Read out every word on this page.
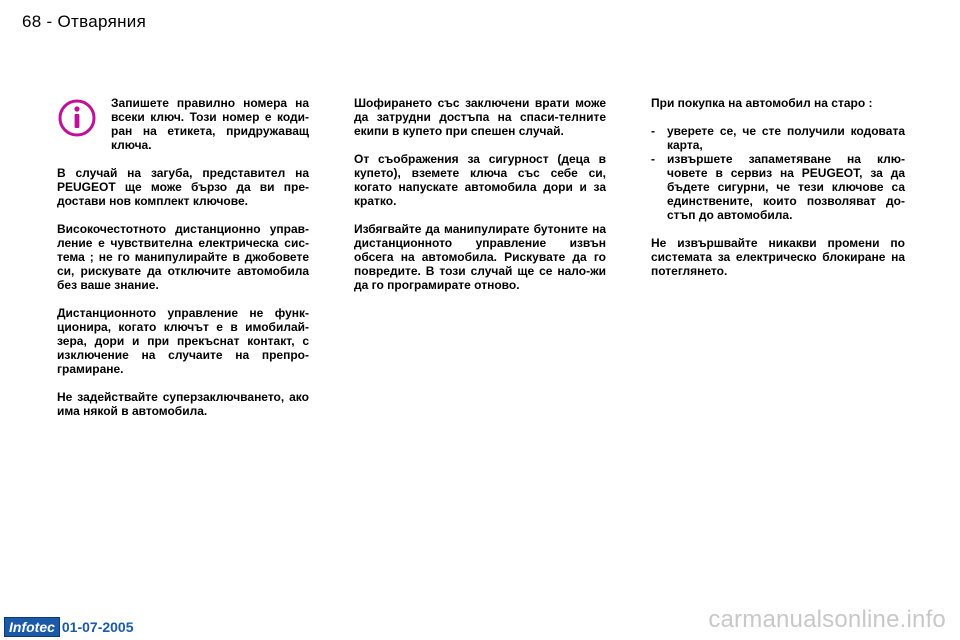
68 - Отваряния

Запишете правилно номера на всеки ключ. Този номер е коди-ран на етикета, придружаващ ключа.

В случай на загуба, представител на PEUGEOT ще може бързо да ви пре-достави нов комплект ключове.

Високочестотното дистанционно управ-ление е чувствителна електрическа сис-тема ; не го манипулирайте в джобовете си, рискувате да отключите автомобила без ваше знание.

Дистанционното управление не функ-ционира, когато ключът е в имобилай-зера, дори и при прекъснат контакт, с изключение на случаите на препро-грамиране.

Не задействайте суперзаключването, ако има някой в автомобила.

Шофирането със заключени врати може да затрудни достъпа на спаси-телните екипи в купето при спешен случай.

От съображения за сигурност (деца в купето), вземете ключа със себе си, когато напускате автомобила дори и за кратко.

Избягвайте да манипулирате бутоните на дистанционното управление извън обсега на автомобила. Рискувате да го повредите. В този случай ще се нало-жи да го програмирате отново.

При покупка на автомобил на старо :

- уверете се, че сте получили кодовата карта,
- извършете запаметяване на клю-човете в сервиз на PEUGEOT, за да бъдете сигурни, че тези ключове са единствените, които позволяват до-стъп до автомобила.

Не извършвайте никакви промени по системата за електрическо блокиране на потеглянето.

Infotec 01-07-2005	carmanualsonline.info
